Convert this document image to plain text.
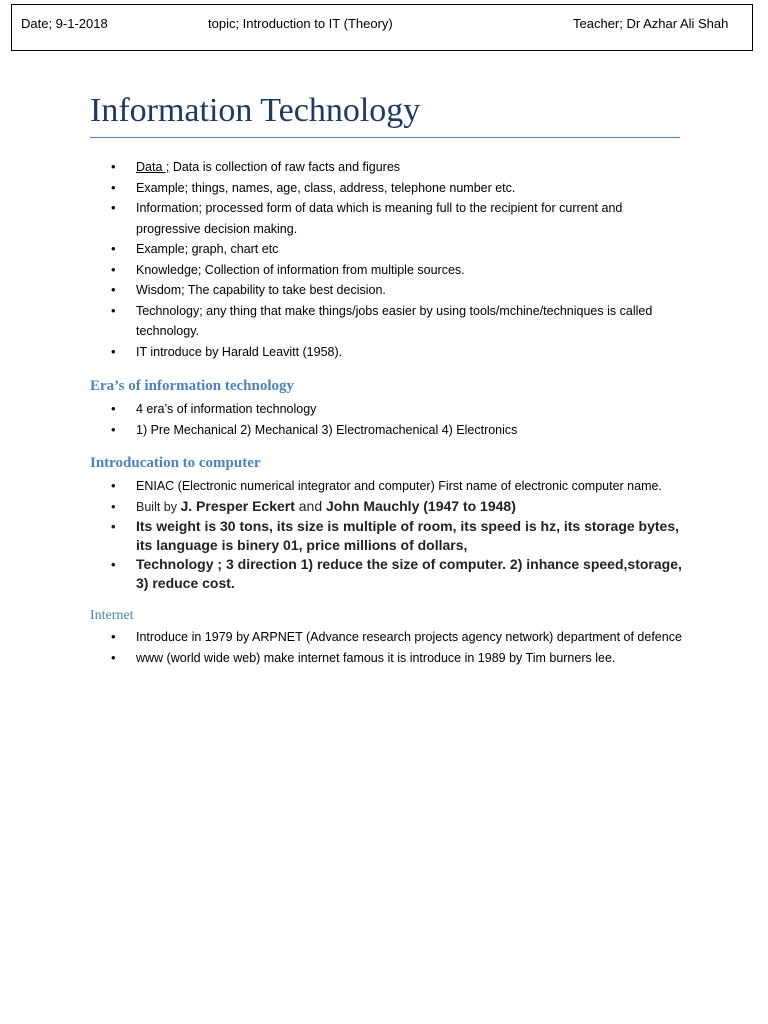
Date; 9-1-2018	topic; Introduction to IT (Theory)	Teacher; Dr Azhar Ali Shah
Information Technology
• Data ; Data is collection of raw facts and figures
• Example; things, names, age, class, address, telephone number etc.
• Information; processed form of data which is meaning full to the recipient for current and progressive decision making.
• Example; graph, chart etc
• Knowledge; Collection of information from multiple sources.
• Wisdom; The capability to take best decision.
• Technology; any thing that make things/jobs easier by using tools/mchine/techniques is called technology.
• IT introduce by Harald Leavitt (1958).
Era’s of information technology
• 4 era’s of information technology
• 1) Pre Mechanical 2) Mechanical 3) Electromachenical 4) Electronics
Introducation to computer
• ENIAC (Electronic numerical integrator and computer) First name of electronic computer name.
• Built by J. Presper Eckert and John Mauchly (1947 to 1948)
• Its weight is 30 tons, its size is multiple of room, its speed is hz, its storage bytes, its language is binery 01, price millions of dollars,
• Technology ; 3 direction 1) reduce the size of computer. 2) inhance speed,storage, 3) reduce cost.
Internet
• Introduce in 1979 by ARPNET (Advance research projects agency network) department of defence
• www (world wide web) make internet famous it is introduce in 1989 by Tim burners lee.
